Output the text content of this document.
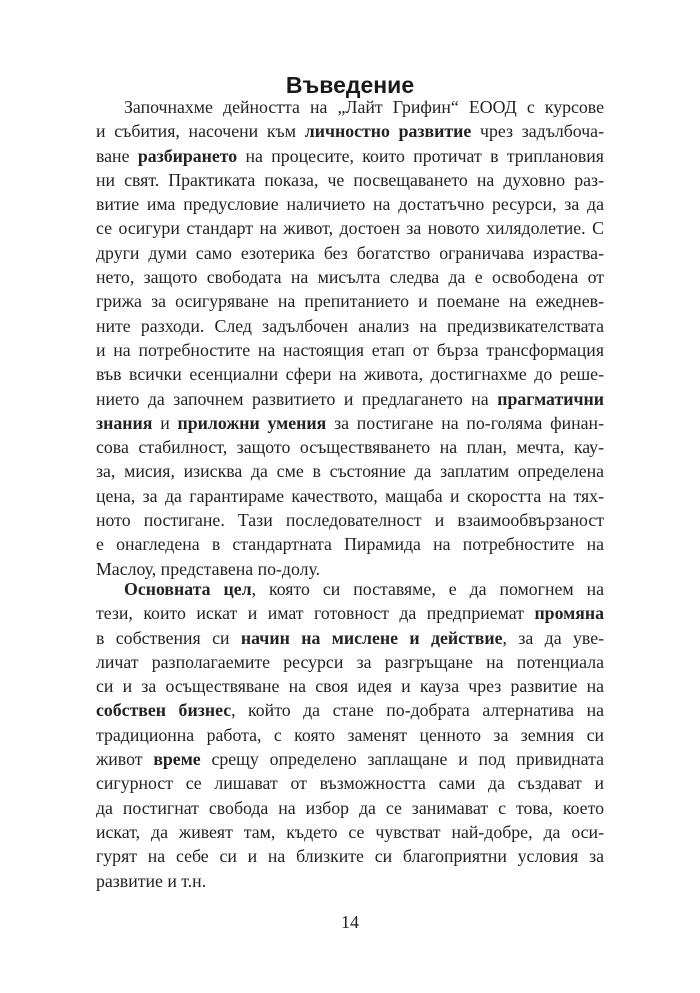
Въведение
Започнахме дейността на „Лайт Грифин“ ЕООД с курсове
и събития, насочени към личностно развитие чрез задълбоча-
ване разбирането на процесите, които протичат в триплановия
ни свят. Практиката показа, че посвещаването на духовно раз-
витие има предусловие наличието на достатъчно ресурси, за да
се осигури стандарт на живот, достоен за новото хилядолетие. С
други думи само езотерика без богатство ограничава израства-
нето, защото свободата на мисълта следва да е освободена от
грижа за осигуряване на препитанието и поемане на ежеднев-
ните разходи. След задълбочен анализ на предизвикателствата
и на потребностите на настоящия етап от бърза трансформация
във всички есенциални сфери на живота, достигнахме до реше-
нието да започнем развитието и предлагането на прагматични
знания и приложни умения за постигане на по-голяма финан-
сова стабилност, защото осъществяването на план, мечта, кау-
за, мисия, изисква да сме в състояние да заплатим определена
цена, за да гарантираме качеството, мащаба и скоростта на тях-
ното постигане. Тази последователност и взаимообвързаност
е онагледена в стандартната Пирамида на потребностите на
Маслоу, представена по-долу.
Основната цел, която си поставяме, е да помогнем на
тези, които искат и имат готовност да предприемат промяна
в собствения си начин на мислене и действие, за да уве-
личат разполагаемите ресурси за разгръщане на потенциала
си и за осъществяване на своя идея и кауза чрез развитие на
собствен бизнес, който да стане по-добрата алтернатива на
традиционна работа, с която заменят ценното за земния си
живот време срещу определено заплащане и под привидната
сигурност се лишават от възможността сами да създават и
да постигнат свобода на избор да се занимават с това, което
искат, да живеят там, където се чувстват най-добре, да оси-
гурят на себе си и на близките си благоприятни условия за
развитие и т.н.
14
